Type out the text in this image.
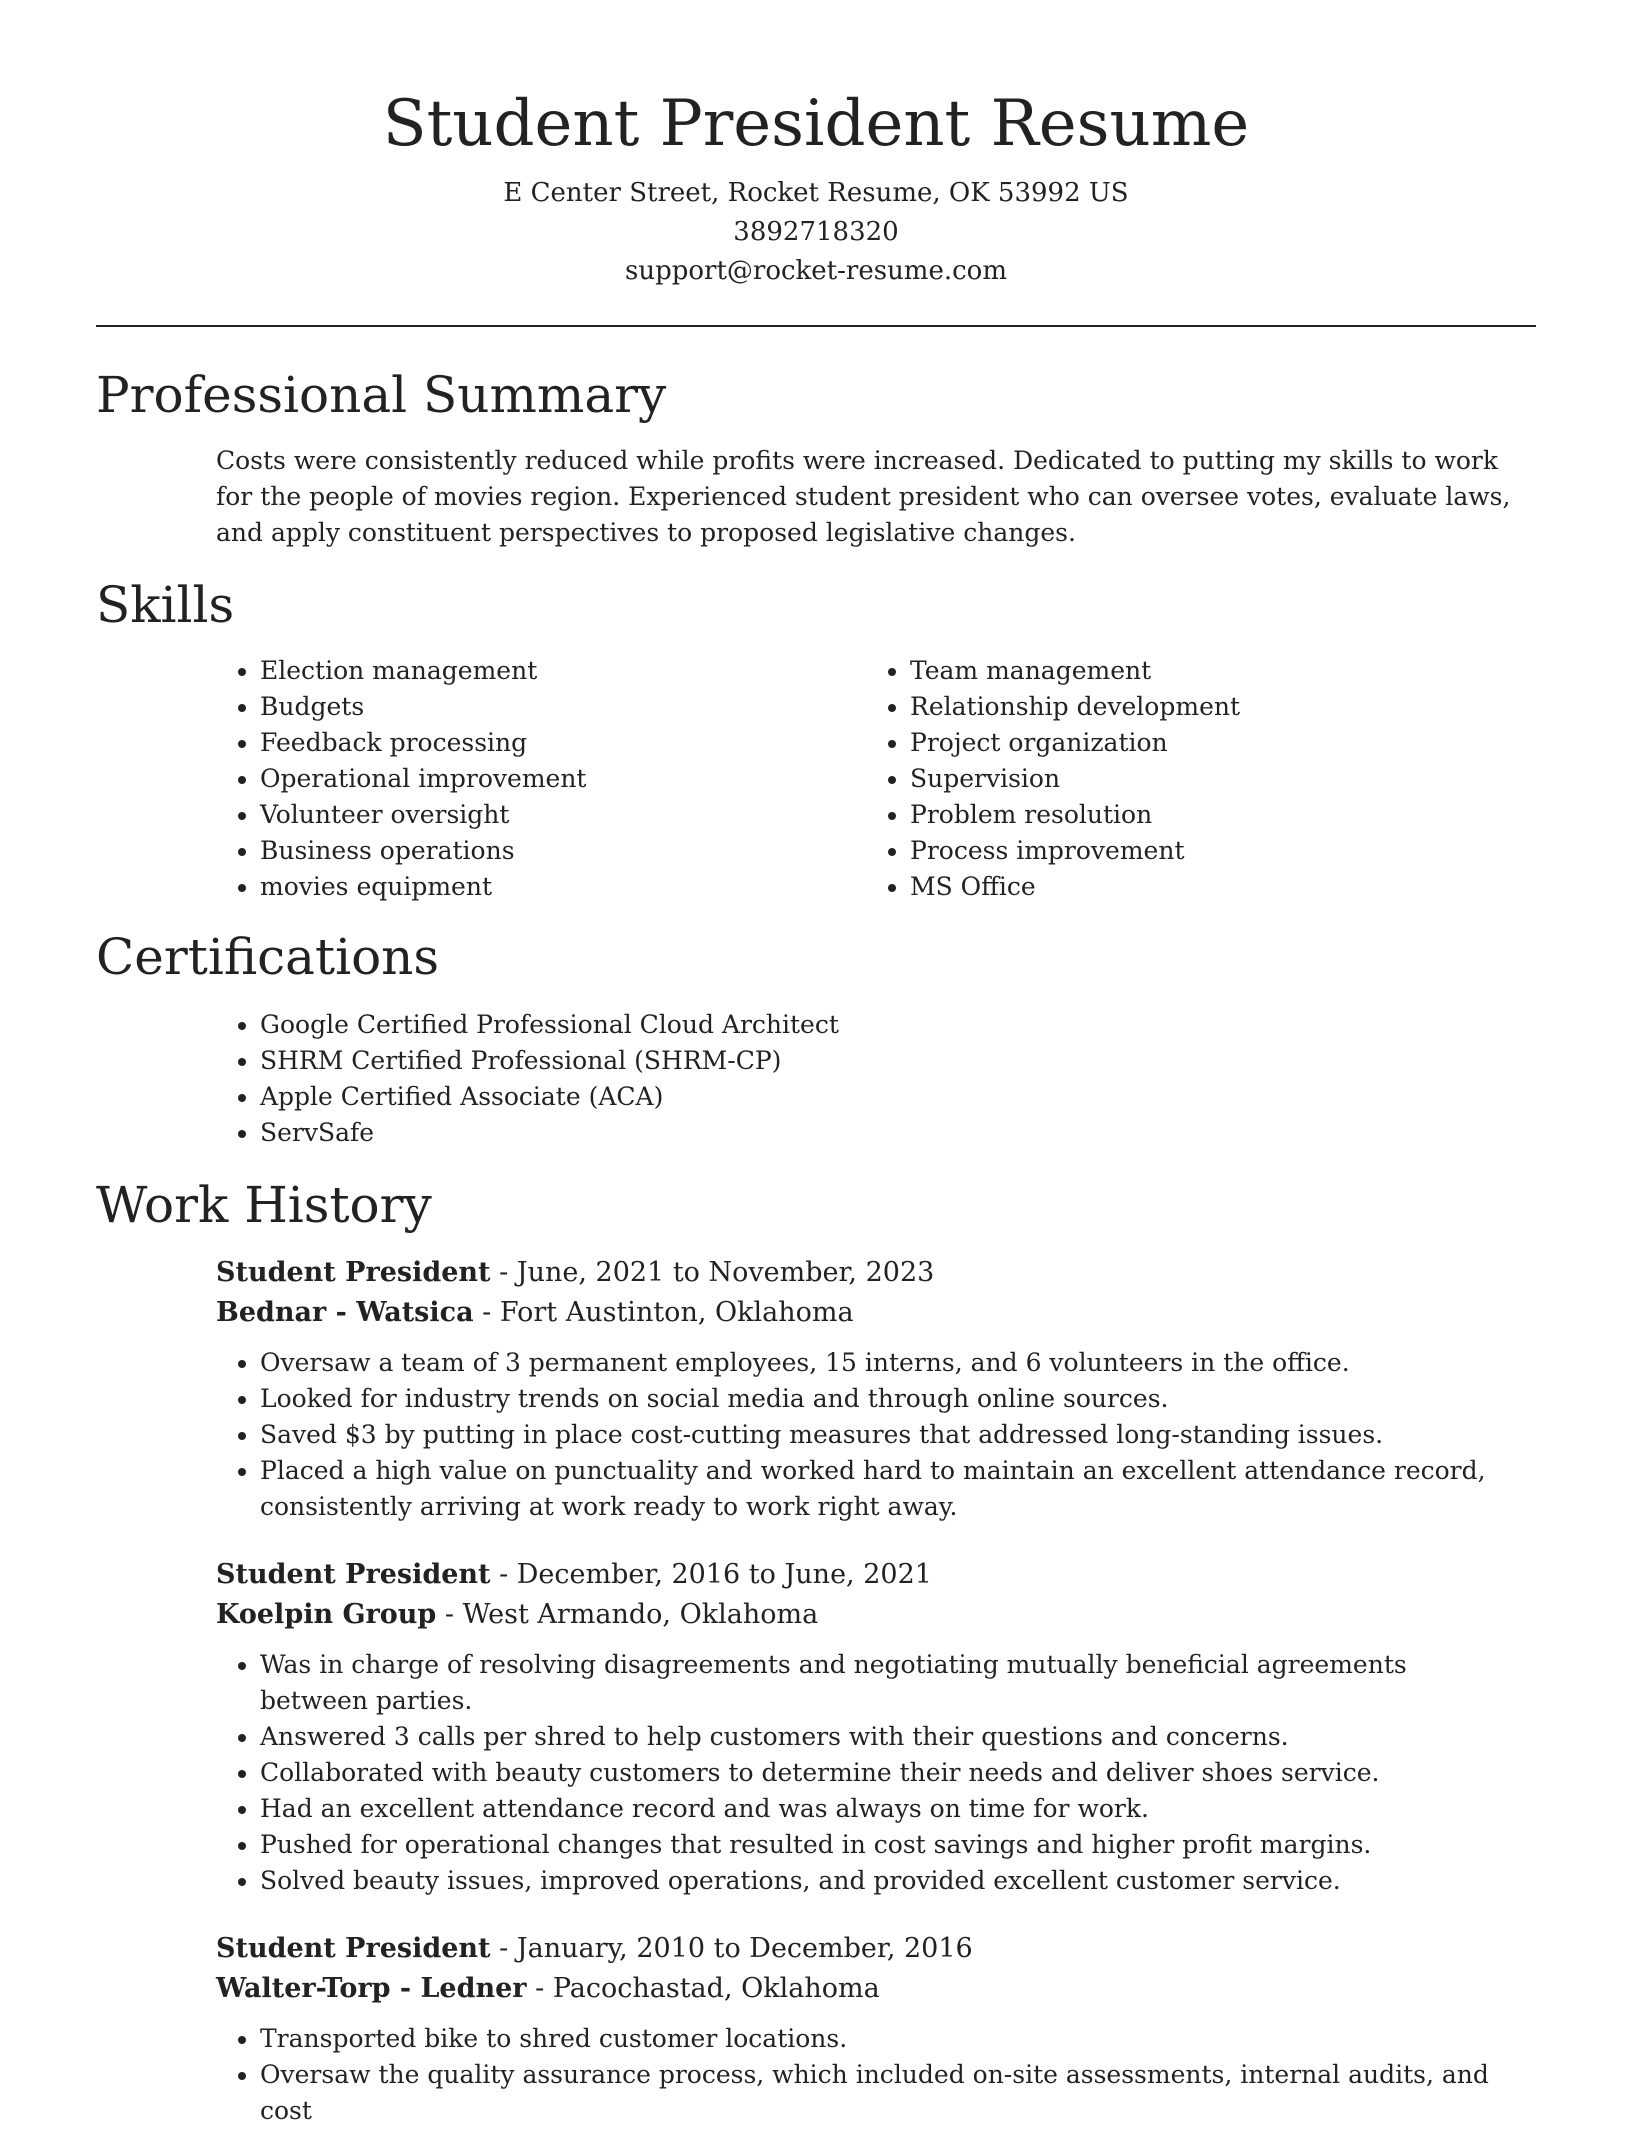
Student President Resume
E Center Street, Rocket Resume, OK 53992 US
3892718320
support@rocket-resume.com
Professional Summary

Costs were consistently reduced while profits were increased. Dedicated to putting my skills to work for the people of movies region. Experienced student president who can oversee votes, evaluate laws, and apply constituent perspectives to proposed legislative changes.

Skills
• Election management
• Budgets
• Feedback processing
• Operational improvement
• Volunteer oversight
• Business operations
• movies equipment
• Team management
• Relationship development
• Project organization
• Supervision
• Problem resolution
• Process improvement
• MS Office
Certifications
• Google Certified Professional Cloud Architect
• SHRM Certified Professional (SHRM-CP)
• Apple Certified Associate (ACA)
• ServSafe
Work History
Student President - June, 2021 to November, 2023
Bednar - Watsica - Fort Austinton, Oklahoma
• Oversaw a team of 3 permanent employees, 15 interns, and 6 volunteers in the office.
• Looked for industry trends on social media and through online sources.
• Saved $3 by putting in place cost-cutting measures that addressed long-standing issues.
• Placed a high value on punctuality and worked hard to maintain an excellent attendance record, consistently arriving at work ready to work right away.
Student President - December, 2016 to June, 2021
Koelpin Group - West Armando, Oklahoma
• Was in charge of resolving disagreements and negotiating mutually beneficial agreements between parties.
• Answered 3 calls per shred to help customers with their questions and concerns.
• Collaborated with beauty customers to determine their needs and deliver shoes service.
• Had an excellent attendance record and was always on time for work.
• Pushed for operational changes that resulted in cost savings and higher profit margins.
• Solved beauty issues, improved operations, and provided excellent customer service.
Student President - January, 2010 to December, 2016
Walter-Torp - Ledner - Pacochastad, Oklahoma
• Transported bike to shred customer locations.
• Oversaw the quality assurance process, which included on-site assessments, internal audits, and cost
